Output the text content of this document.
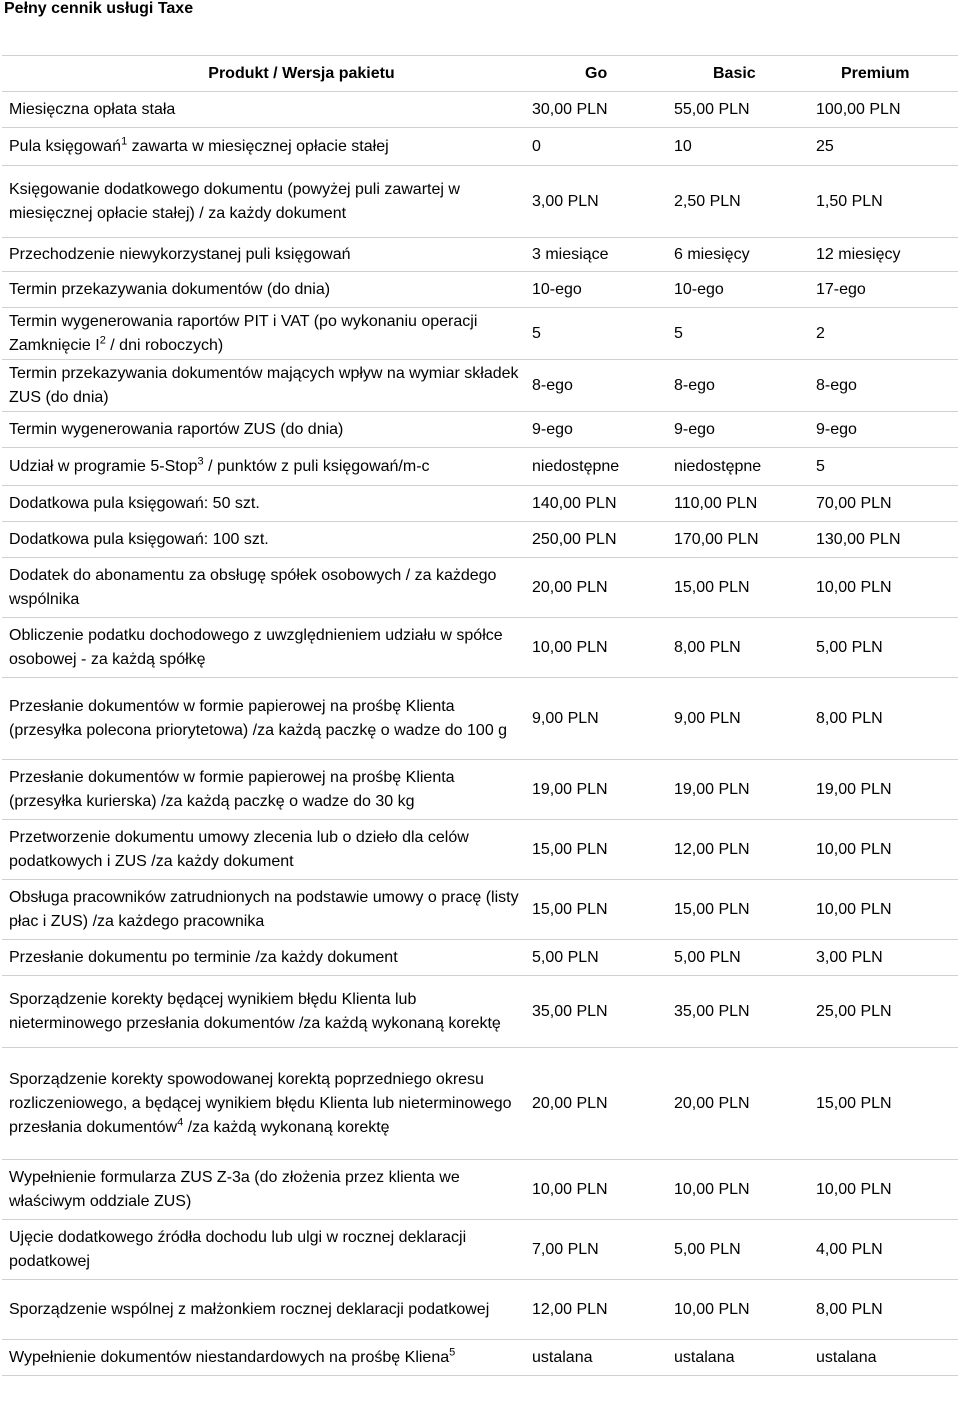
Pełny cennik usługi Taxe
Produkt / Wersja pakietu	Go	Basic	Premium
Miesięczna opłata stała	30,00 PLN	55,00 PLN	100,00 PLN
Pula księgowań$^1$ zawarta w miesięcznej opłacie stałej	0	10	25
Księgowanie dodatkowego dokumentu (powyżej puli zawartej w miesięcznej opłacie stałej) / za każdy dokument	3,00 PLN	2,50 PLN	1,50 PLN
Przechodzenie niewykorzystanej puli księgowań	3 miesiące	6 miesięcy	12 miesięcy
Termin przekazywania dokumentów (do dnia)	10-ego	10-ego	17-ego
Termin wygenerowania raportów PIT i VAT (po wykonaniu operacji Zamknięcie $I^2$ / dni roboczych)	5	5	2
Termin przekazywania dokumentów mających wpływ na wymiar składek ZUS (do dnia)	8-ego	8-ego	8-ego
Termin wygenerowania raportów ZUS (do dnia)	9-ego	9-ego	9-ego
Udział w programie 5-Stop$^3$ / punktów z puli księgowań/m-c	niedostępne	niedostępne	5
Dodatkowa pula księgowań: 50 szt.	140,00 PLN	110,00 PLN	70,00 PLN
Dodatkowa pula księgowań: 100 szt.	250,00 PLN	170,00 PLN	130,00 PLN
Dodatek do abonamentu za obsługę spółek osobowych / za każdego wspólnika	20,00 PLN	15,00 PLN	10,00 PLN
Obliczenie podatku dochodowego z uwzględnieniem udziału w spółce osobowej - za każdą spółkę	10,00 PLN	8,00 PLN	5,00 PLN
Przesłanie dokumentów w formie papierowej na prośbę Klienta (przesyłka polecona priorytetowa) /za każdą paczkę o wadze do 100 g	9,00 PLN	9,00 PLN	8,00 PLN
Przesłanie dokumentów w formie papierowej na prośbę Klienta (przesyłka kurierska) /za każdą paczkę o wadze do 30 kg	19,00 PLN	19,00 PLN	19,00 PLN
Przetworzenie dokumentu umowy zlecenia lub o dzieło dla celów podatkowych i ZUS /za każdy dokument	15,00 PLN	12,00 PLN	10,00 PLN
Obsługa pracowników zatrudnionych na podstawie umowy o pracę (listy płac i ZUS) /za każdego pracownika	15,00 PLN	15,00 PLN	10,00 PLN
Przesłanie dokumentu po terminie /za każdy dokument	5,00 PLN	5,00 PLN	3,00 PLN
Sporządzenie korekty będącej wynikiem błędu Klienta lub nieterminowego przesłania dokumentów /za każdą wykonaną korektę	35,00 PLN	35,00 PLN	25,00 PLN
Sporządzenie korekty spowodowanej korektą poprzedniego okresu rozliczeniowego, a będącej wynikiem błędu Klienta lub nieterminowego przesłania dokumentów$^4$ /za każdą wykonaną korektę	20,00 PLN	20,00 PLN	15,00 PLN
Wypełnienie formularza ZUS Z-3a (do złożenia przez klienta we właściwym oddziale ZUS)	10,00 PLN	10,00 PLN	10,00 PLN
Ujęcie dodatkowego źródła dochodu lub ulgi w rocznej deklaracji podatkowej	7,00 PLN	5,00 PLN	4,00 PLN
Sporządzenie wspólnej z małżonkiem rocznej deklaracji podatkowej	12,00 PLN	10,00 PLN	8,00 PLN
Wypełnienie dokumentów niestandardowych na prośbę Kliena$^5$	ustalana	ustalana	ustalana
